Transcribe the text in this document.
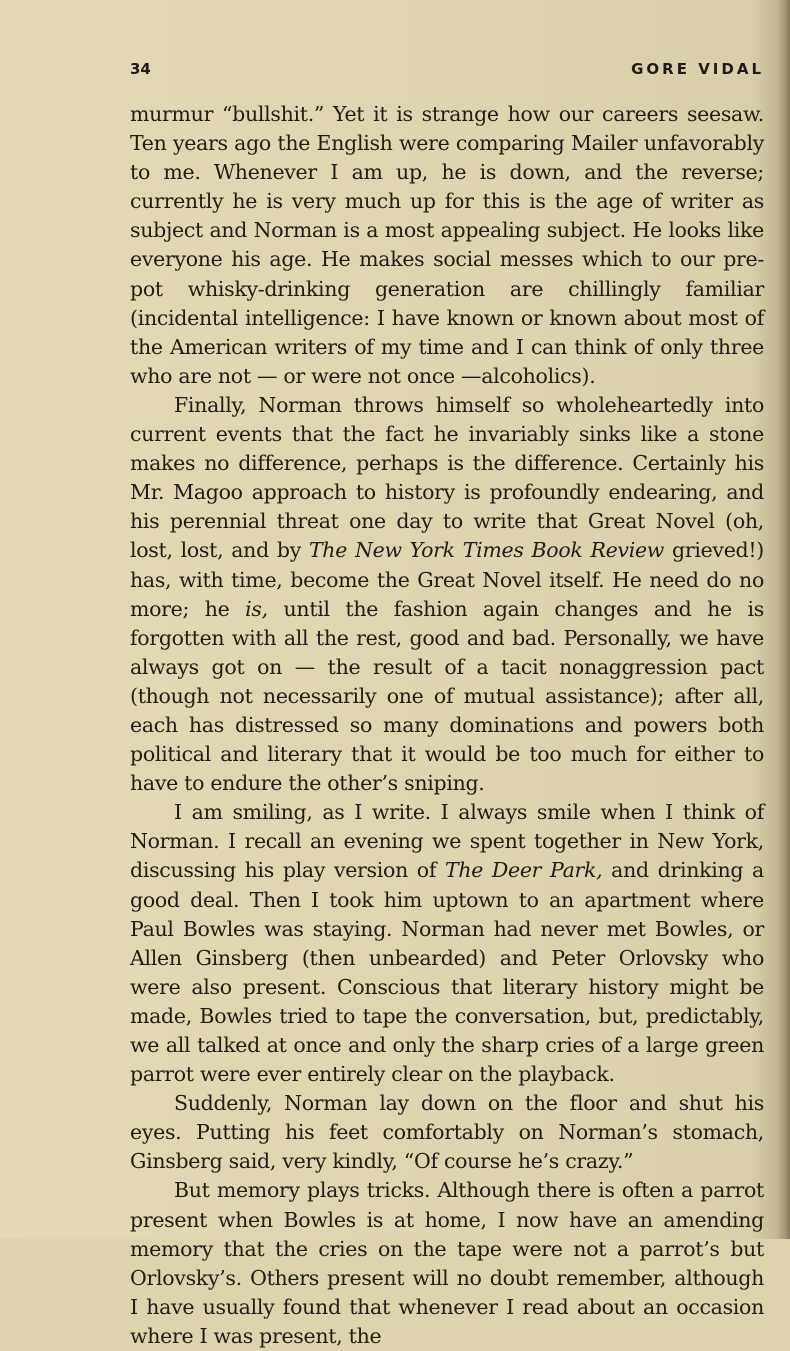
34	GORE VIDAL

murmur “bullshit.” Yet it is strange how our careers seesaw. Ten years ago the English were comparing Mailer unfavorably to me. Whenever I am up, he is down, and the reverse; currently he is very much up for this is the age of writer as subject and Norman is a most appealing subject. He looks like everyone his age. He makes social messes which to our pre-pot whisky-drinking generation are chillingly familiar (incidental intelligence: I have known or known about most of the American writers of my time and I can think of only three who are not — or were not once —alcoholics).

Finally, Norman throws himself so wholeheartedly into current events that the fact he invariably sinks like a stone makes no difference, perhaps is the difference. Certainly his Mr. Magoo approach to history is profoundly endearing, and his perennial threat one day to write that Great Novel (oh, lost, lost, and by The New York Times Book Review grieved!) has, with time, become the Great Novel itself. He need do no more; he is, until the fashion again changes and he is forgotten with all the rest, good and bad. Personally, we have always got on — the result of a tacit nonaggression pact (though not necessarily one of mutual assistance); after all, each has distressed so many dominations and powers both political and literary that it would be too much for either to have to endure the other’s sniping.

I am smiling, as I write. I always smile when I think of Norman. I recall an evening we spent together in New York, discussing his play version of The Deer Park, and drinking a good deal. Then I took him uptown to an apartment where Paul Bowles was staying. Norman had never met Bowles, or Allen Ginsberg (then unbearded) and Peter Orlovsky who were also present. Conscious that literary history might be made, Bowles tried to tape the conversation, but, predictably, we all talked at once and only the sharp cries of a large green parrot were ever entirely clear on the playback.

Suddenly, Norman lay down on the floor and shut his eyes. Putting his feet comfortably on Norman’s stomach, Ginsberg said, very kindly, “Of course he’s crazy.”

But memory plays tricks. Although there is often a parrot present when Bowles is at home, I now have an amending memory that the cries on the tape were not a parrot’s but Orlovsky’s. Others present will no doubt remember, although I have usually found that whenever I read about an occasion where I was present, the
